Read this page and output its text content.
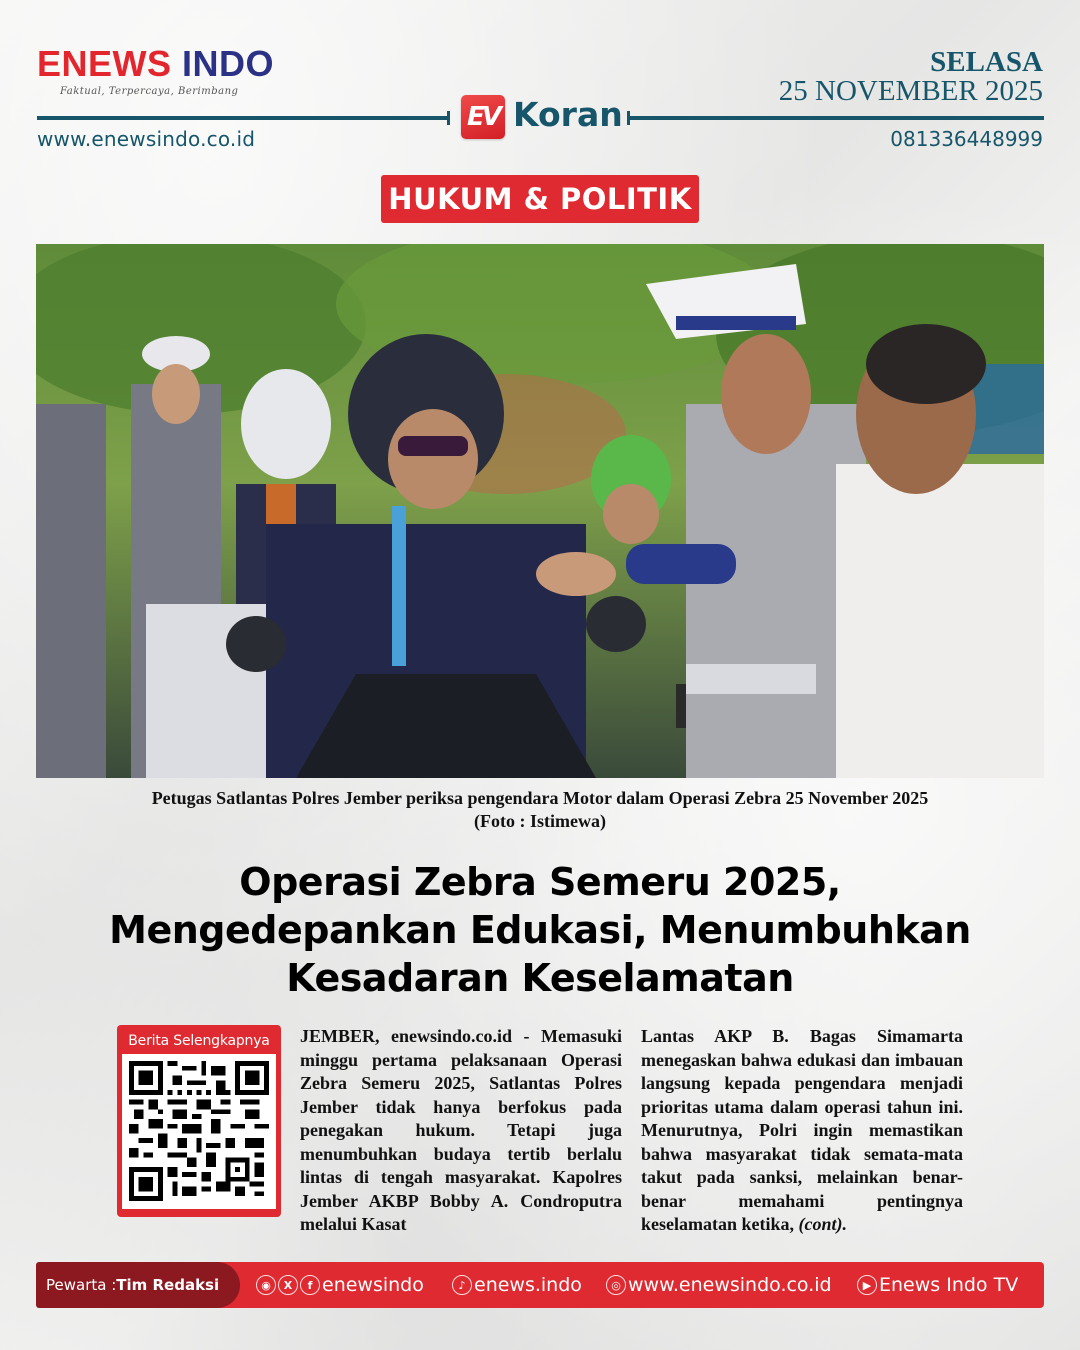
ENEWS INDO
Faktual, Terpercaya, Berimbang
EV Koran
www.enewsindo.co.id
SELASA
25 NOVEMBER 2025
081336448999
HUKUM & POLITIK
Petugas Satlantas Polres Jember periksa pengendara Motor dalam Operasi Zebra 25 November 2025
(Foto : Istimewa)
Operasi Zebra Semeru 2025,
Mengedepankan Edukasi, Menumbuhkan
Kesadaran Keselamatan
Berita Selengkapnya	JEMBER, enewsindo.co.id - Memasuki minggu pertama pelaksanaan Operasi Zebra Semeru 2025, Satlantas Polres Jember tidak hanya berfokus pada penegakan hukum. Tetapi juga menumbuhkan budaya tertib berlalu lintas di tengah masyarakat. Kapolres Jember AKBP Bobby A. Condroputra melalui Kasat
Lantas AKP B. Bagas Simamarta menegaskan bahwa edukasi dan imbauan langsung kepada pengendara menjadi prioritas utama dalam operasi tahun ini. Menurutnya, Polri ingin memastikan bahwa masyarakat tidak semata-mata takut pada sanksi, melainkan benar-benar memahami pentingnya keselamatan ketika, (cont).
Pewarta : Tim Redaksi	◉	X	f enewsindo	♪ enews.indo	◎ www.enewsindo.co.id	▶ Enews Indo TV
